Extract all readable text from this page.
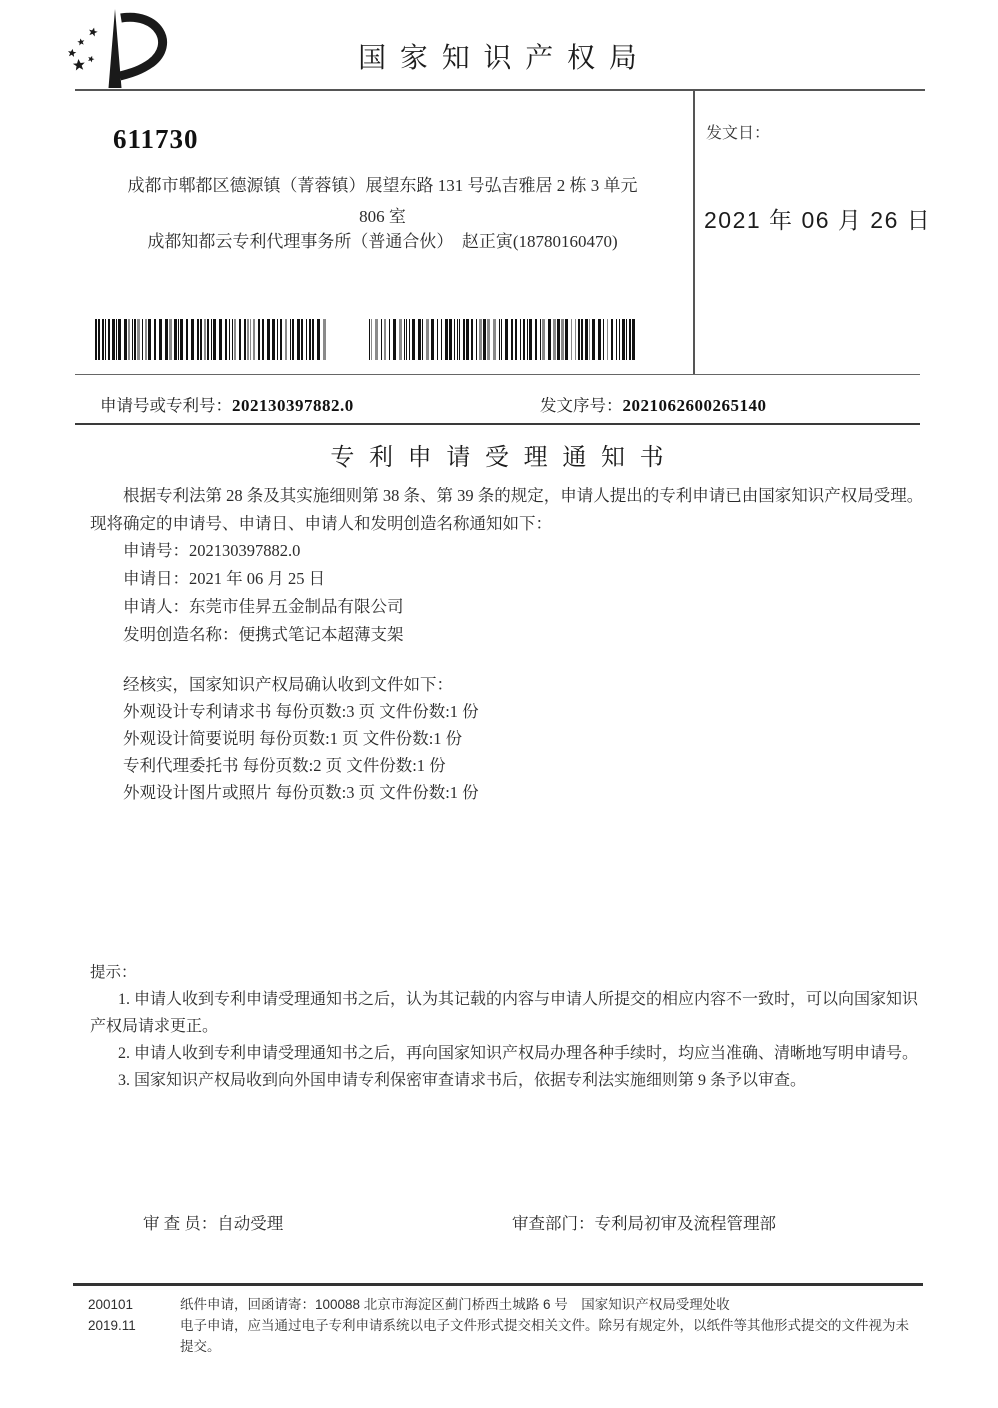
国 家 知 识 产 权 局
611730
成都市郫都区德源镇（菁蓉镇）展望东路 131 号弘吉雅居 2 栋 3 单元
806 室
成都知都云专利代理事务所（普通合伙）　赵正寅(18780160470)
发文日：
2021 年 06 月 26 日
申请号或专利号：202130397882.0	发文序号：2021062600265140
专 利 申 请 受 理 通 知 书
根据专利法第 28 条及其实施细则第 38 条、第 39 条的规定，申请人提出的专利申请已由国家知识产权局受理。现将确定的申请号、申请日、申请人和发明创造名称通知如下：
申请号：202130397882.0
申请日：2021 年 06 月 25 日
申请人：东莞市佳昇五金制品有限公司
发明创造名称：便携式笔记本超薄支架
经核实，国家知识产权局确认收到文件如下：
外观设计专利请求书 每份页数:3 页 文件份数:1 份
外观设计简要说明 每份页数:1 页 文件份数:1 份
专利代理委托书 每份页数:2 页 文件份数:1 份
外观设计图片或照片 每份页数:3 页 文件份数:1 份
提示：

1. 申请人收到专利申请受理通知书之后，认为其记载的内容与申请人所提交的相应内容不一致时，可以向国家知识产权局请求更正。

2. 申请人收到专利申请受理通知书之后，再向国家知识产权局办理各种手续时，均应当准确、清晰地写明申请号。

3. 国家知识产权局收到向外国申请专利保密审查请求书后，依据专利法实施细则第 9 条予以审查。

审 查 员：自动受理	审查部门：专利局初审及流程管理部
200101
2019.11

纸件申请，回函请寄：100088 北京市海淀区蓟门桥西土城路 6 号　国家知识产权局受理处收

电子申请，应当通过电子专利申请系统以电子文件形式提交相关文件。除另有规定外，以纸件等其他形式提交的文件视为未提交。
